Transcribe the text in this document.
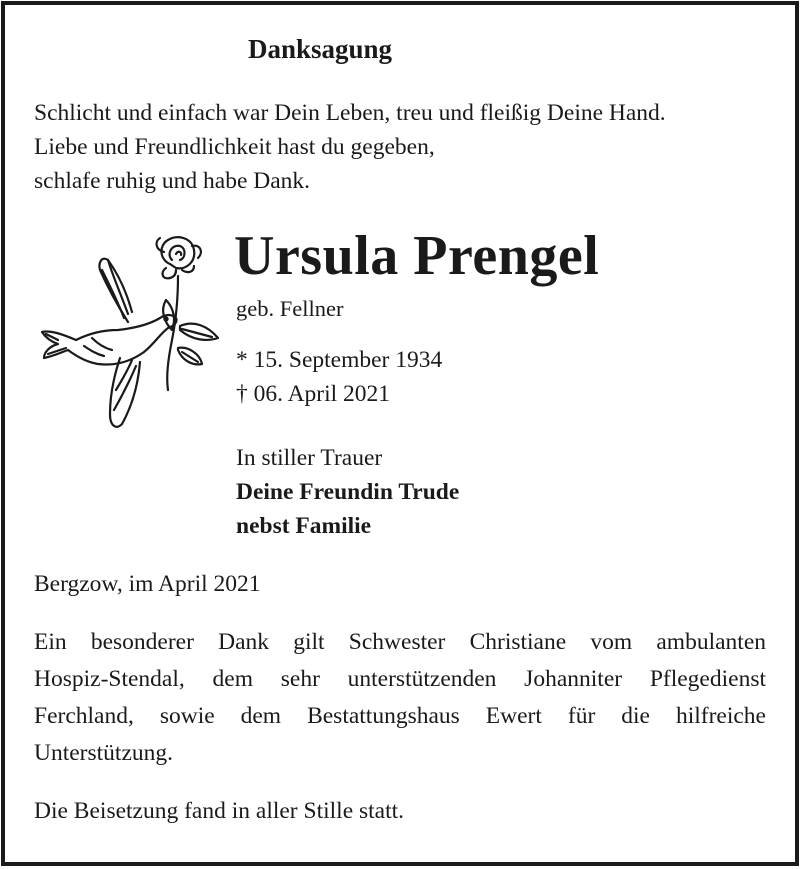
Danksagung
Schlicht und einfach war Dein Leben, treu und fleißig Deine Hand.
Liebe und Freundlichkeit hast du gegeben,
schlafe ruhig und habe Dank.
Ursula Prengel
geb. Fellner
* 15. September 1934
† 06. April 2021
In stiller Trauer
Deine Freundin Trude
nebst Familie
Bergzow, im April 2021
Ein besonderer Dank gilt Schwester Christiane vom ambulanten
Hospiz-Stendal, dem sehr unterstützenden Johanniter Pflegedienst
Ferchland, sowie dem Bestattungshaus Ewert für die hilfreiche
Unterstützung.
Die Beisetzung fand in aller Stille statt.
